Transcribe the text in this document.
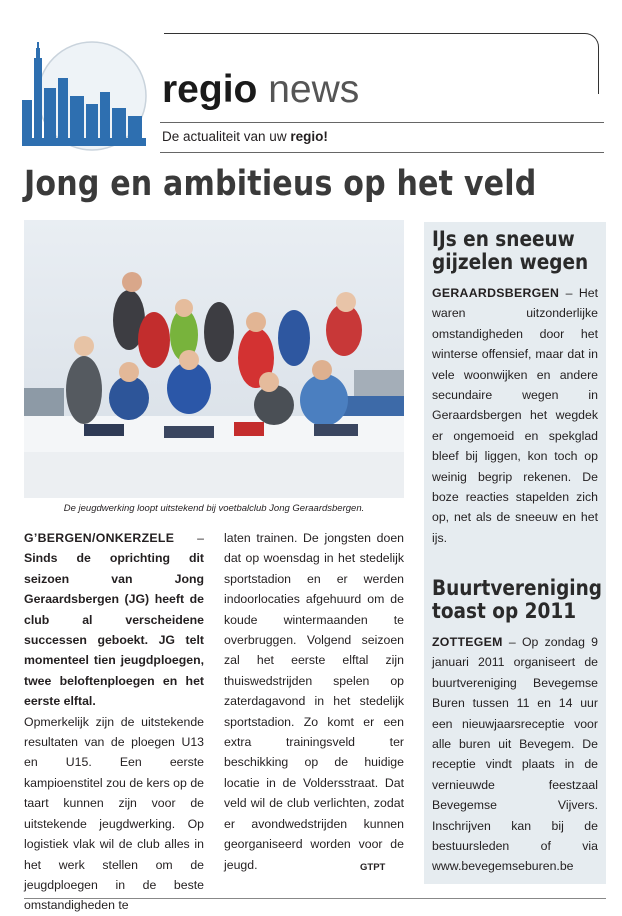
regio news
De actualiteit van uw regio!
Jong en ambitieus op het veld
De jeugdwerking loopt uitstekend bij voetbalclub Jong Geraardsbergen.
G’BERGEN/ONKERZELE – Sinds de oprichting dit seizoen van Jong Geraardsbergen (JG) heeft de club al verscheidene successen geboekt. JG telt momenteel tien jeugdploegen, twee beloftenploegen en het eerste elftal.
Opmerkelijk zijn de uitstekende resultaten van de ploegen U13 en U15. Een eerste kampioenstitel zou de kers op de taart kunnen zijn voor de uitstekende jeugdwerking. Op logistiek vlak wil de club alles in het werk stellen om de jeugdploegen in de beste omstandigheden te
laten trainen. De jongsten doen dat op woensdag in het stedelijk sportstadion en er werden indoorlocaties afgehuurd om de koude wintermaanden te overbruggen. Volgend seizoen zal het eerste elftal zijn thuiswedstrijden spelen op zaterdagavond in het stedelijk sportstadion. Zo komt er een extra trainingsveld ter beschikking op de huidige locatie in de Voldersstraat. Dat veld wil de club verlichten, zodat er avondwedstrijden kunnen georganiseerd worden voor de jeugd.	GTPT
IJs en sneeuw
gijzelen wegen
GERAARDSBERGEN – Het waren uitzonderlijke omstandigheden door het winterse offensief, maar dat in vele woonwijken en andere secundaire wegen in Geraardsbergen het wegdek er ongemoeid en spekglad bleef bij liggen, kon toch op weinig begrip rekenen. De boze reacties stapelden zich op, net als de sneeuw en het ijs.
Buurtvereniging
toast op 2011
ZOTTEGEM – Op zondag 9 januari 2011 organiseert de buurtvereniging Bevegemse Buren tussen 11 en 14 uur een nieuwjaarsreceptie voor alle buren uit Bevegem. De receptie vindt plaats in de vernieuwde feestzaal Bevegemse Vijvers. Inschrijven kan bij de bestuursleden of via www.bevegemseburen.be
